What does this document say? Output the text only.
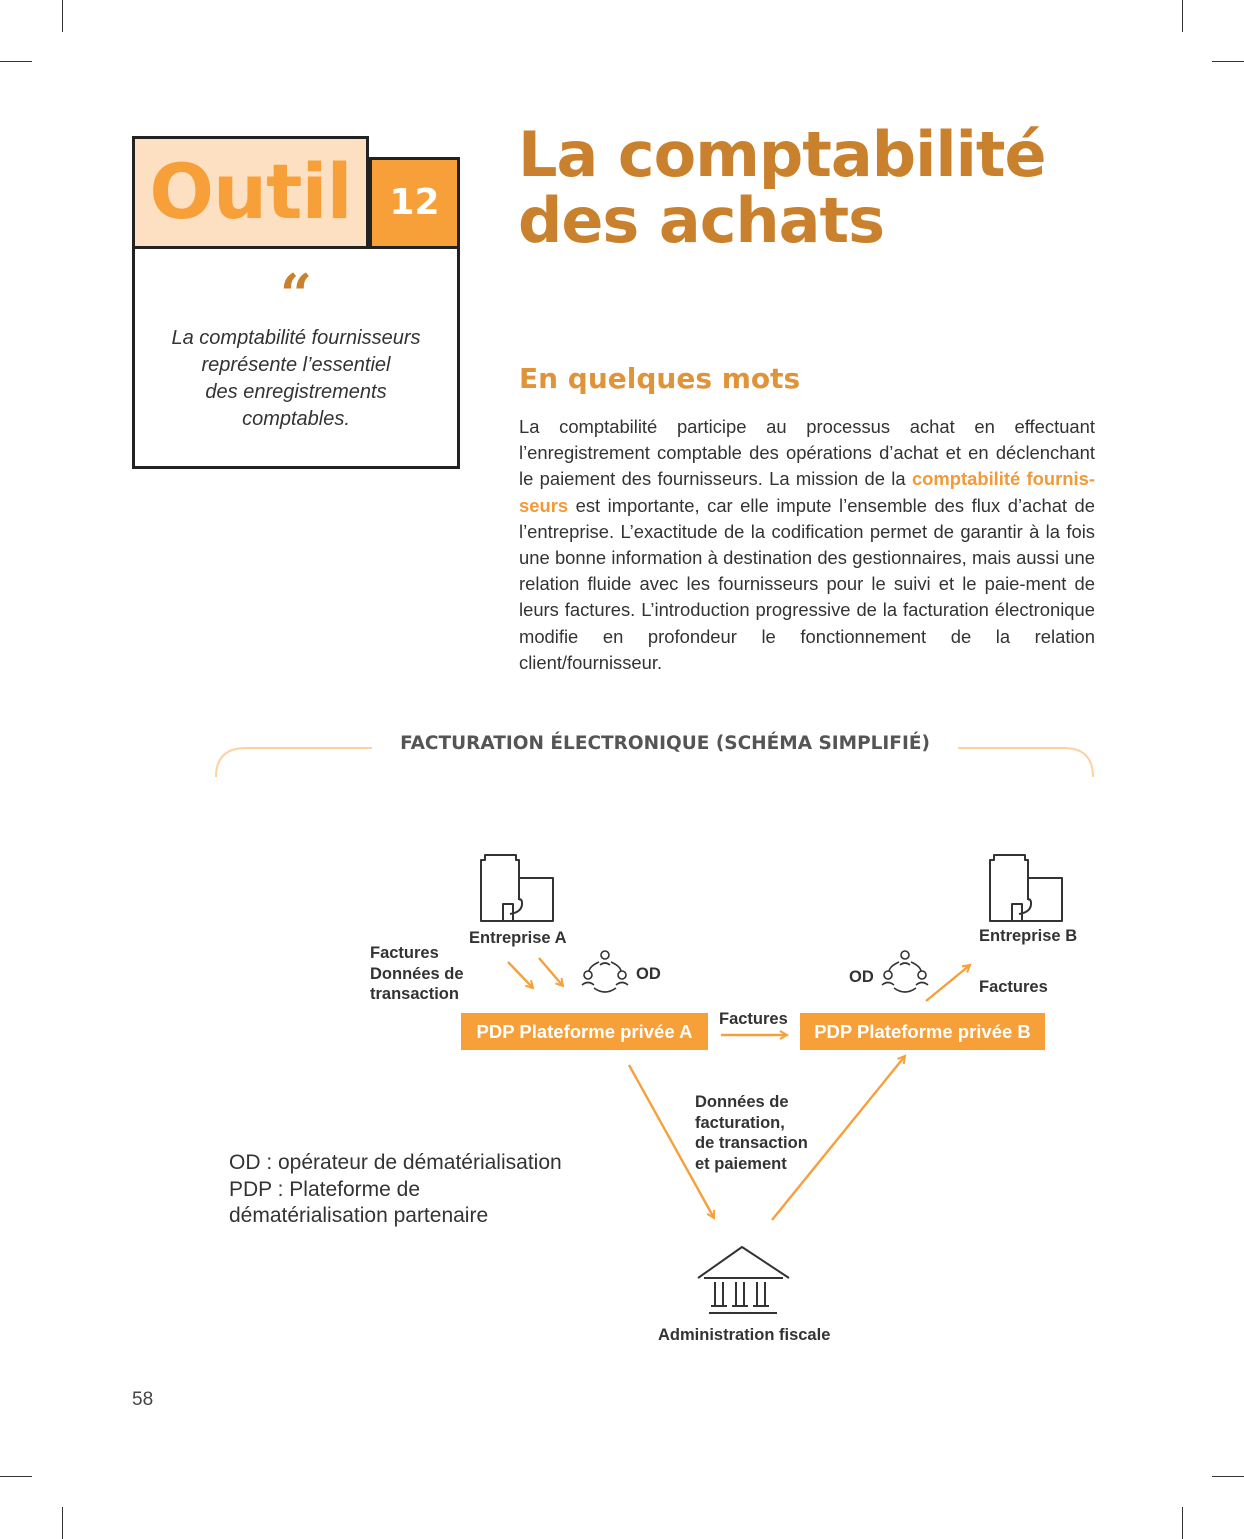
Outil	12
“
La comptabilité fournisseurs
représente l’essentiel
des enregistrements
comptables.
La comptabilité
des achats
En quelques mots
La comptabilité participe au processus achat en effectuant l’enregistrement comptable des opérations d’achat et en déclenchant le paiement des fournisseurs. La mission de la comptabilité fournis-seurs est importante, car elle impute l’ensemble des flux d’achat de l’entreprise. L’exactitude de la codification permet de garantir à la fois une bonne information à destination des gestionnaires, mais aussi une relation fluide avec les fournisseurs pour le suivi et le paie-ment de leurs factures. L’introduction progressive de la facturation électronique modifie en profondeur le fonctionnement de la relation client/fournisseur.
FACTURATION ÉLECTRONIQUE (SCHÉMA SIMPLIFIÉ)
Entreprise A	Entreprise B
Factures
Données de
transaction
OD	OD
Factures
Factures
PDP Plateforme privée A	PDP Plateforme privée B
Données de
facturation,
de transaction
et paiement
Administration fiscale
OD : opérateur de dématérialisation
PDP : Plateforme de
dématérialisation partenaire
58
